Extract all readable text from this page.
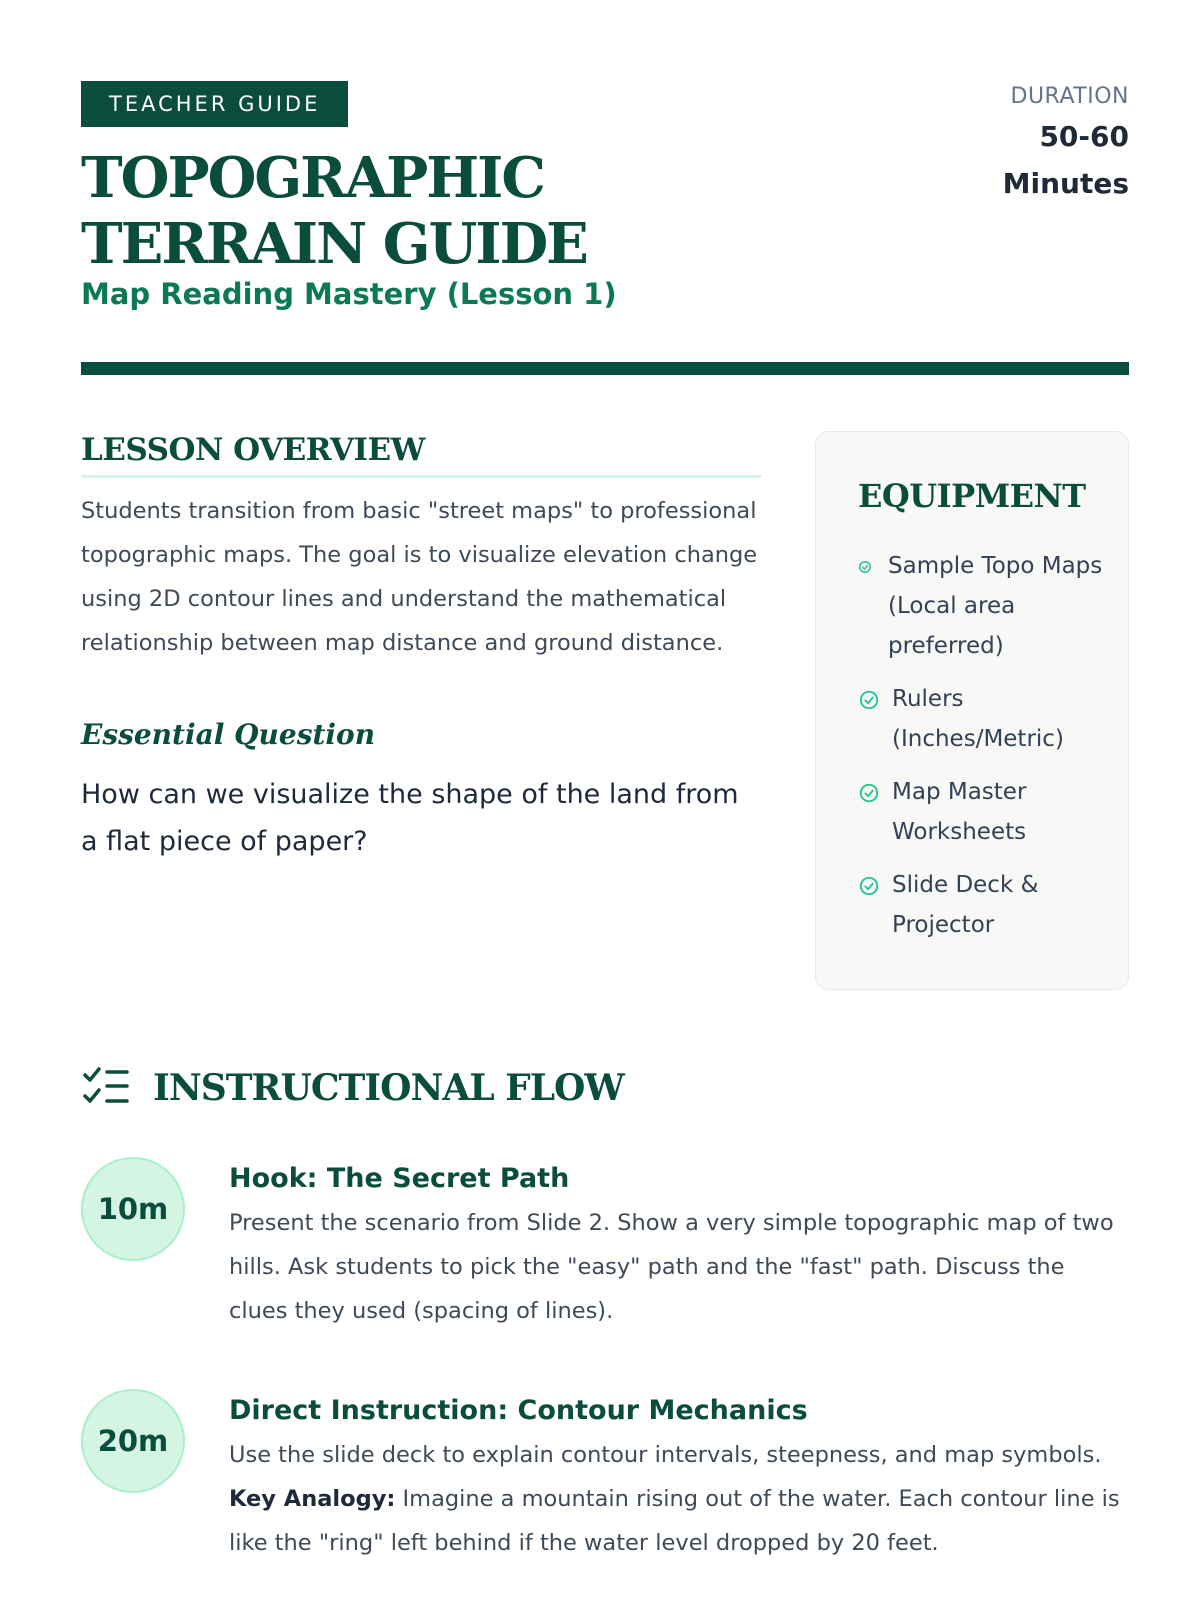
TEACHER GUIDE
TOPOGRAPHIC TERRAIN GUIDE
Map Reading Mastery (Lesson 1)
DURATION
50-60
Minutes
LESSON OVERVIEW

Students transition from basic "street maps" to professional topographic maps. The goal is to visualize elevation change using 2D contour lines and understand the mathematical relationship between map distance and ground distance.

Essential Question

How can we visualize the shape of the land from a flat piece of paper?

EQUIPMENT
Sample Topo Maps (Local area preferred)
Rulers (Inches/Metric)
Map Master Worksheets
Slide Deck & Projector
INSTRUCTIONAL FLOW
10m
Hook: The Secret Path

Present the scenario from Slide 2. Show a very simple topographic map of two hills. Ask students to pick the "easy" path and the "fast" path. Discuss the clues they used (spacing of lines).

20m
Direct Instruction: Contour Mechanics

Use the slide deck to explain contour intervals, steepness, and map symbols. Key Analogy: Imagine a mountain rising out of the water. Each contour line is like the "ring" left behind if the water level dropped by 20 feet.
